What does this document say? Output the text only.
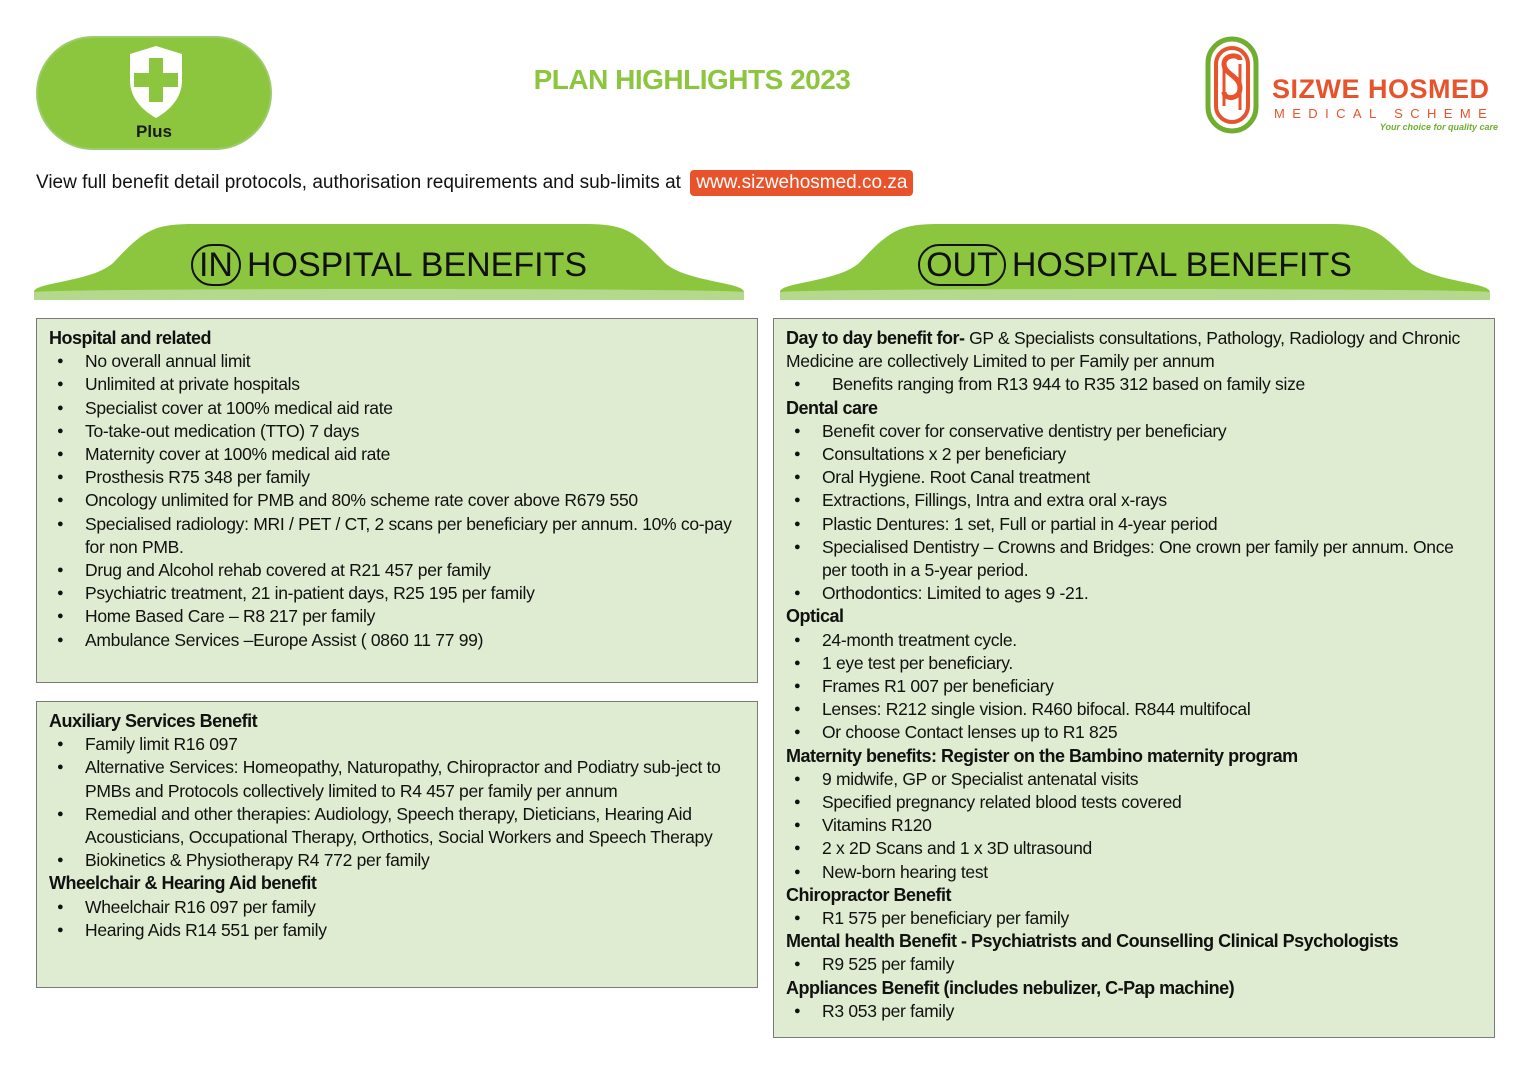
Plus
PLAN HIGHLIGHTS 2023	SIZWE HOSMED
MEDICAL SCHEME
Your choice for quality care
View full benefit detail protocols, authorisation requirements and sub-limits at www.sizwehosmed.co.za
IN HOSPITAL BENEFITS	OUT HOSPITAL BENEFITS
Hospital and related
● No overall annual limit
● Unlimited at private hospitals
● Specialist cover at 100% medical aid rate
● To-take-out medication (TTO) 7 days
● Maternity cover at 100% medical aid rate
● Prosthesis R75 348 per family
● Oncology unlimited for PMB and 80% scheme rate cover above R679 550
● Specialised radiology: MRI / PET / CT, 2 scans per beneficiary per annum. 10% co-pay for non PMB.
● Drug and Alcohol rehab covered at R21 457 per family
● Psychiatric treatment, 21 in-patient days, R25 195 per family
● Home Based Care – R8 217 per family
● Ambulance Services –Europe Assist ( 0860 11 77 99)
Auxiliary Services Benefit
● Family limit R16 097
● Alternative Services: Homeopathy, Naturopathy, Chiropractor and Podiatry sub-ject to PMBs and Protocols collectively limited to R4 457 per family per annum
● Remedial and other therapies: Audiology, Speech therapy, Dieticians, Hearing Aid Acousticians, Occupational Therapy, Orthotics, Social Workers and Speech Therapy
● Biokinetics & Physiotherapy R4 772 per family
Wheelchair & Hearing Aid benefit
● Wheelchair R16 097 per family
● Hearing Aids R14 551 per family
Day to day benefit for- GP & Specialists consultations, Pathology, Radiology and Chronic Medicine are collectively Limited to per Family per annum
● Benefits ranging from R13 944 to R35 312 based on family size
Dental care
● Benefit cover for conservative dentistry per beneficiary
● Consultations x 2 per beneficiary
● Oral Hygiene. Root Canal treatment
● Extractions, Fillings, Intra and extra oral x-rays
● Plastic Dentures: 1 set, Full or partial in 4-year period
● Specialised Dentistry – Crowns and Bridges: One crown per family per annum. Once per tooth in a 5-year period.
● Orthodontics: Limited to ages 9 -21.
Optical
● 24-month treatment cycle.
● 1 eye test per beneficiary.
● Frames R1 007 per beneficiary
● Lenses: R212 single vision. R460 bifocal. R844 multifocal
● Or choose Contact lenses up to R1 825
Maternity benefits: Register on the Bambino maternity program
● 9 midwife, GP or Specialist antenatal visits
● Specified pregnancy related blood tests covered
● Vitamins R120
● 2 x 2D Scans and 1 x 3D ultrasound
● New-born hearing test
Chiropractor Benefit
● R1 575 per beneficiary per family
Mental health Benefit - Psychiatrists and Counselling Clinical Psychologists
● R9 525 per family
Appliances Benefit (includes nebulizer, C-Pap machine)
● R3 053 per family
